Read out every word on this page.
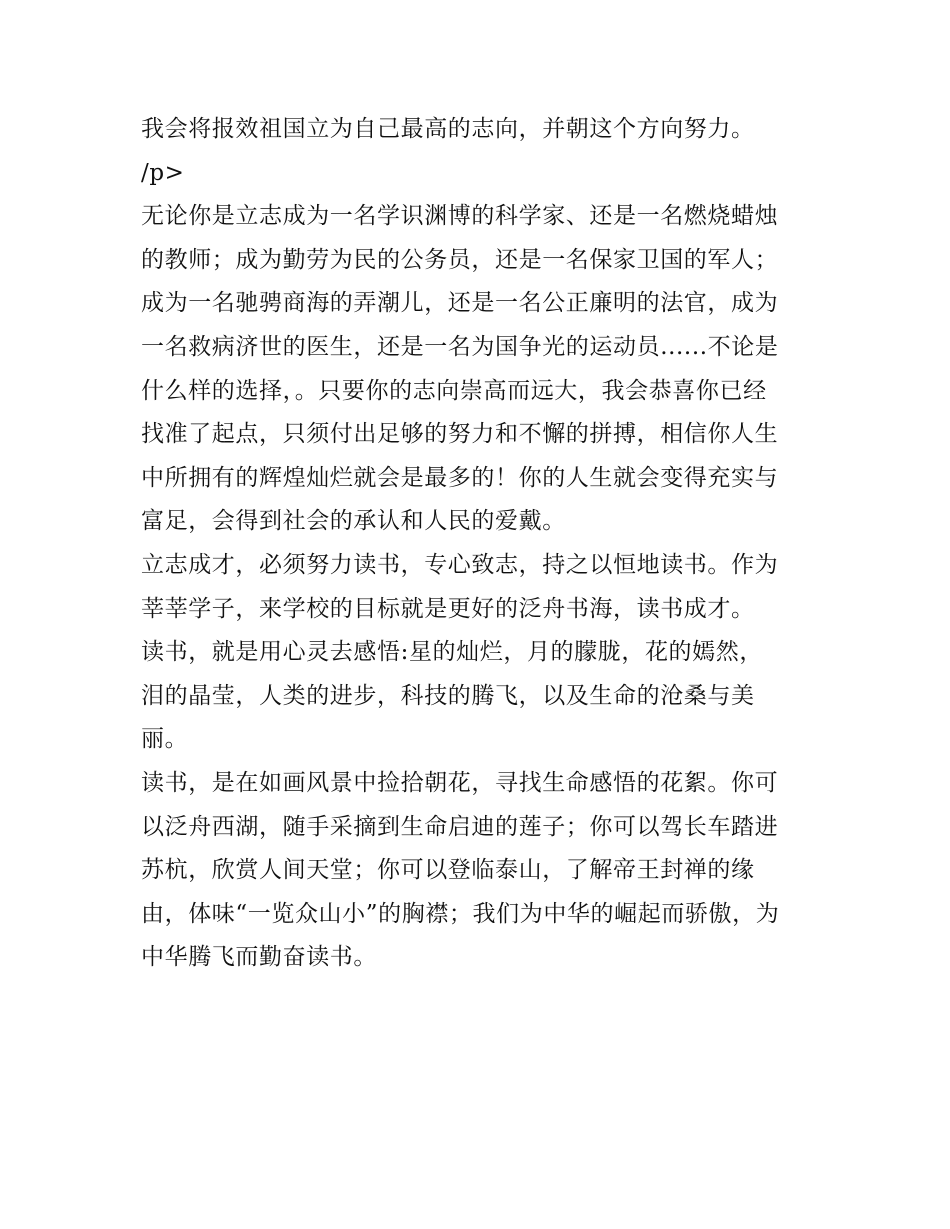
我会将报效祖国立为自己最高的志向，并朝这个方向努力。

/p>

无论你是立志成为一名学识渊博的科学家、还是一名燃烧蜡烛
的教师；成为勤劳为民的公务员，还是一名保家卫国的军人；
成为一名驰骋商海的弄潮儿，还是一名公正廉明的法官，成为
一名救病济世的医生，还是一名为国争光的运动员......不论是
什么样的选择，。只要你的志向崇高而远大，我会恭喜你已经
找准了起点，只须付出足够的努力和不懈的拼搏，相信你人生
中所拥有的辉煌灿烂就会是最多的！你的人生就会变得充实与
富足，会得到社会的承认和人民的爱戴。

立志成才，必须努力读书，专心致志，持之以恒地读书。作为
莘莘学子，来学校的目标就是更好的泛舟书海，读书成才。

读书，就是用心灵去感悟:星的灿烂，月的朦胧，花的嫣然，
泪的晶莹，人类的进步，科技的腾飞，以及生命的沧桑与美
丽。

读书，是在如画风景中捡拾朝花，寻找生命感悟的花絮。你可
以泛舟西湖，随手采摘到生命启迪的莲子；你可以驾长车踏进
苏杭，欣赏人间天堂；你可以登临泰山，了解帝王封禅的缘
由，体味“一览众山小”的胸襟；我们为中华的崛起而骄傲，为
中华腾飞而勤奋读书。
